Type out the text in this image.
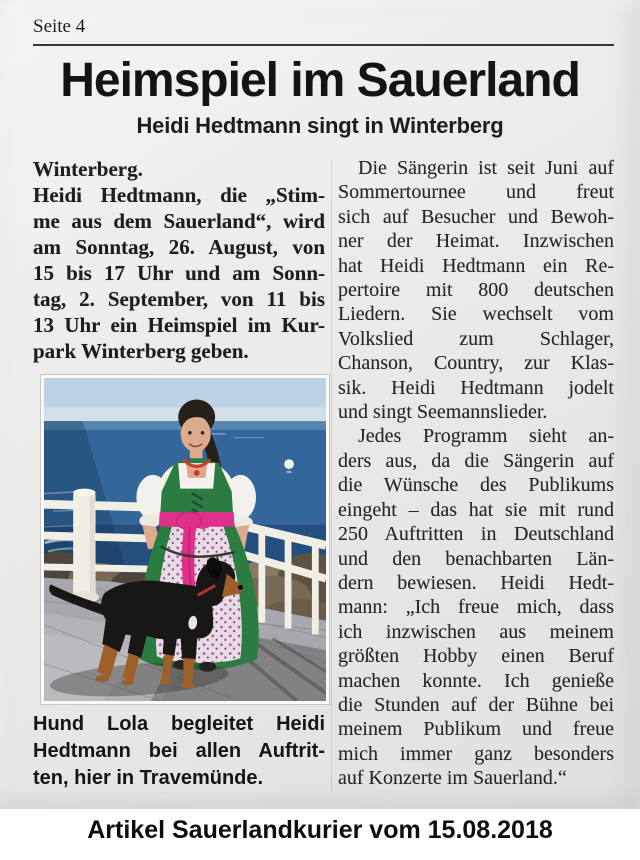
Seite 4
Heimspiel im Sauerland
Heidi Hedtmann singt in Winterberg
Winterberg.
Heidi Hedtmann, die „Stim-
me aus dem Sauerland“, wird
am Sonntag, 26. August, von
15 bis 17 Uhr und am Sonn-
tag, 2. September, von 11 bis
13 Uhr ein Heimspiel im Kur-
park Winterberg geben.
Die Sängerin ist seit Juni auf
Sommertournee und freut
sich auf Besucher und Bewoh-
ner der Heimat. Inzwischen
hat Heidi Hedtmann ein Re-
pertoire mit 800 deutschen
Liedern. Sie wechselt vom
Volkslied zum Schlager,
Chanson, Country, zur Klas-
sik. Heidi Hedtmann jodelt
und singt Seemannslieder.
Jedes Programm sieht an-
ders aus, da die Sängerin auf
die Wünsche des Publikums
eingeht – das hat sie mit rund
250 Auftritten in Deutschland
und den benachbarten Län-
dern bewiesen. Heidi Hedt-
mann: „Ich freue mich, dass
ich inzwischen aus meinem
größten Hobby einen Beruf
machen konnte. Ich genieße
die Stunden auf der Bühne bei
meinem Publikum und freue
mich immer ganz besonders
auf Konzerte im Sauerland.“
Hund Lola begleitet Heidi
Hedtmann bei allen Auftrit-
ten, hier in Travemünde.
Artikel Sauerlandkurier vom 15.08.2018
